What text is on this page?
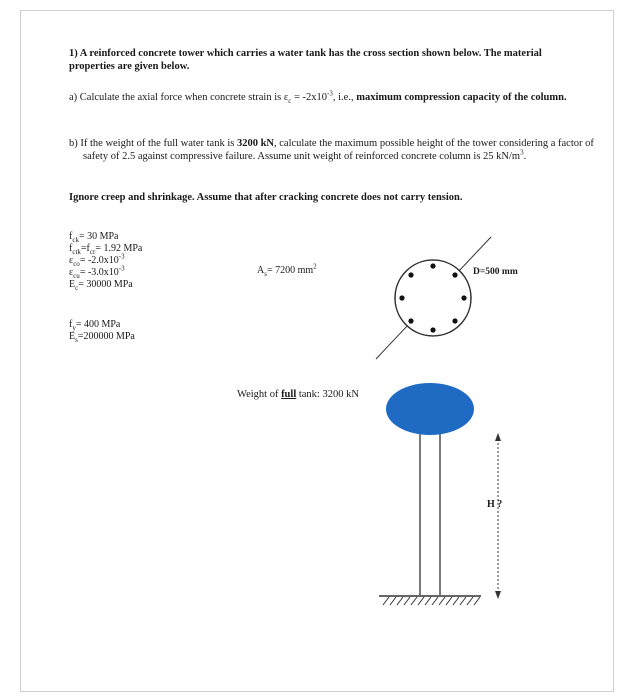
1) A reinforced concrete tower which carries a water tank has the cross section shown below. The material properties are given below.
a) Calculate the axial force when concrete strain is $\varepsilon_c = -2x10^{-3}$, i.e., maximum compression capacity of the column.
b) If the weight of the full water tank is 3200 kN, calculate the maximum possible height of the tower considering a factor of safety of 2.5 against compressive failure. Assume unit weight of reinforced concrete column is 25 $kN/m^3$.
Ignore creep and shrinkage. Assume that after cracking concrete does not carry tension.
$f_{ck}= 30$ MPa
$f_{ctk}=f_{cr}= 1.92$ MPa
$\varepsilon_{co}= -2.0x10^{-3}$
$\varepsilon_{cu}= -3.0x10^{-3}$
$E_c= 30000$ MPa
$f_y= 400$ MPa
$E_s=200000$ MPa
$A_s= 7200$ $mm^2$
D=500 mm
Weight of full tank: 3200 kN
H ?
